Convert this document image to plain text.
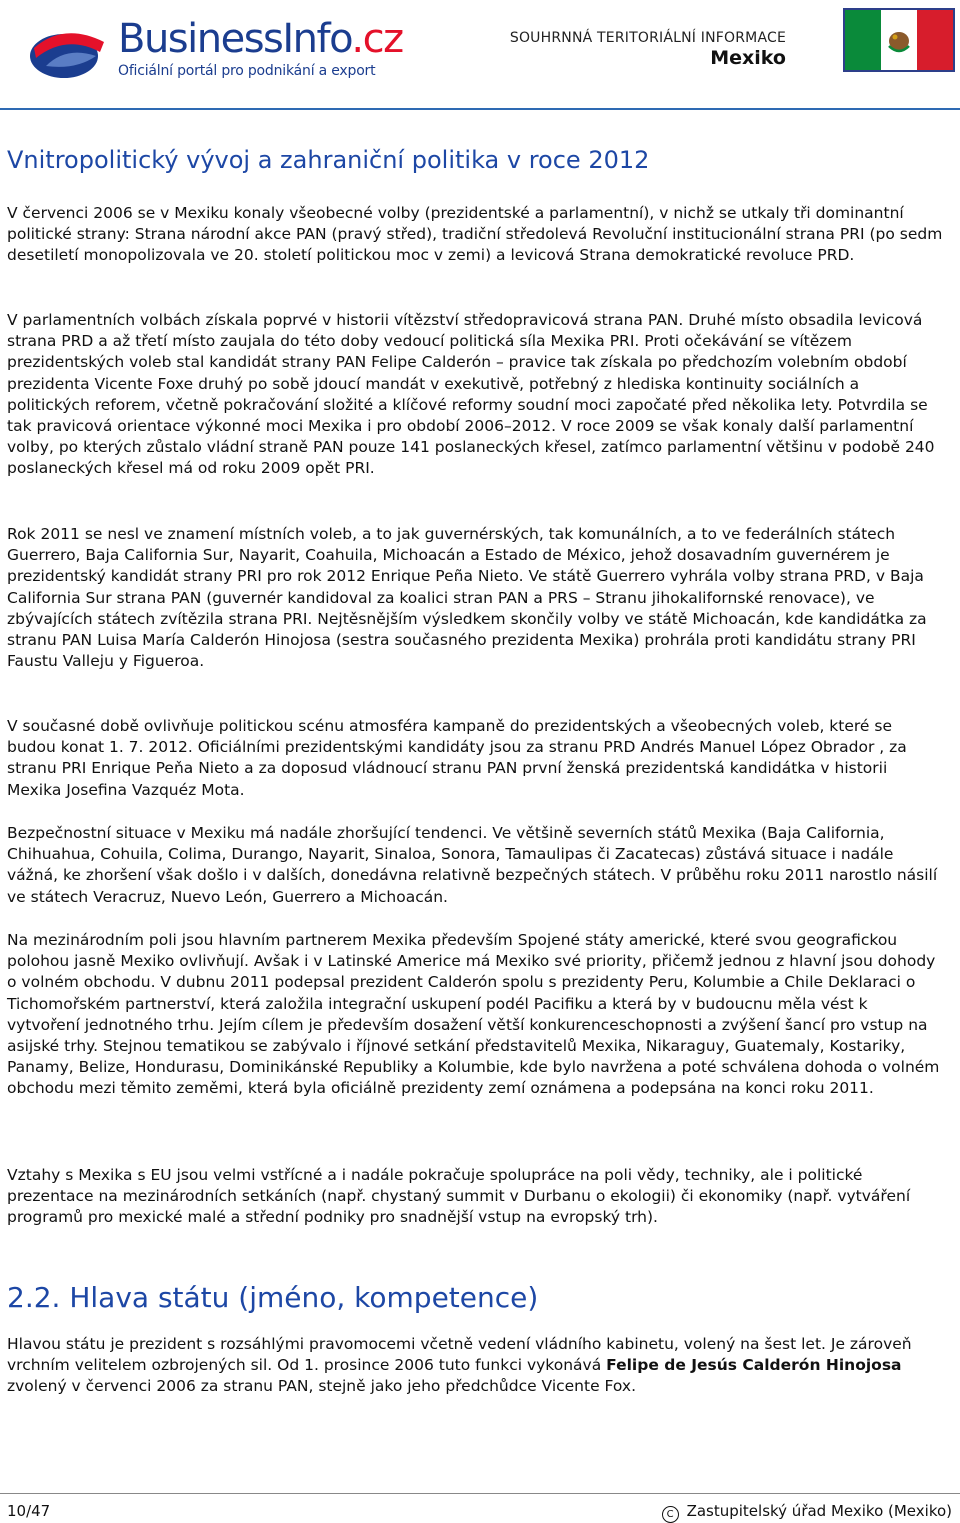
BusinessInfo.cz
Oficiální portál pro podnikání a export
SOUHRNNÁ TERITORIÁLNÍ INFORMACE
Mexiko
Vnitropolitický vývoj a zahraniční politika v roce 2012

V červenci 2006 se v Mexiku konaly všeobecné volby (prezidentské a parlamentní), v nichž se utkaly tři dominantní politické strany: Strana národní akce PAN (pravý střed), tradiční středolevá Revoluční institucionální strana PRI (po sedm desetiletí monopolizovala ve 20. století politickou moc v zemi) a levicová Strana demokratické revoluce PRD.

V parlamentních volbách získala poprvé v historii vítězství středopravicová strana PAN. Druhé místo obsadila levicová strana PRD a až třetí místo zaujala do této doby vedoucí politická síla Mexika PRI. Proti očekávání se vítězem prezidentských voleb stal kandidát strany PAN Felipe Calderón – pravice tak získala po předchozím volebním období prezidenta Vicente Foxe druhý po sobě jdoucí mandát v exekutivě, potřebný z hlediska kontinuity sociálních a politických reforem, včetně pokračování složité a klíčové reformy soudní moci započaté před několika lety. Potvrdila se tak pravicová orientace výkonné moci Mexika i pro období 2006–2012. V roce 2009 se však konaly další parlamentní volby, po kterých zůstalo vládní straně PAN pouze 141 poslaneckých křesel, zatímco parlamentní většinu v podobě 240 poslaneckých křesel má od roku 2009 opět PRI.

Rok 2011 se nesl ve znamení místních voleb, a to jak guvernérských, tak komunálních, a to ve federálních státech Guerrero, Baja California Sur, Nayarit, Coahuila, Michoacán a Estado de México, jehož dosavadním guvernérem je prezidentský kandidát strany PRI pro rok 2012 Enrique Peña Nieto. Ve státě Guerrero vyhrála volby strana PRD, v Baja California Sur strana PAN (guvernér kandidoval za koalici stran PAN a PRS – Stranu jihokalifornské renovace), ve zbývajících státech zvítězila strana PRI. Nejtěsnějším výsledkem skončily volby ve státě Michoacán, kde kandidátka za stranu PAN Luisa María Calderón Hinojosa (sestra současného prezidenta Mexika) prohrála proti kandidátu strany PRI Faustu Valleju y Figueroa.

V současné době ovlivňuje politickou scénu atmosféra kampaně do prezidentských a všeobecných voleb, které se budou konat 1. 7. 2012. Oficiálními prezidentskými kandidáty jsou za stranu PRD Andrés Manuel López Obrador , za stranu PRI Enrique Peňa Nieto a za doposud vládnoucí stranu PAN první ženská prezidentská kandidátka v historii Mexika Josefina Vazquéz Mota.

Bezpečnostní situace v Mexiku má nadále zhoršující tendenci. Ve většině severních států Mexika (Baja California, Chihuahua, Cohuila, Colima, Durango, Nayarit, Sinaloa, Sonora, Tamaulipas či Zacatecas) zůstává situace i nadále vážná, ke zhoršení však došlo i v dalších, donedávna relativně bezpečných státech. V průběhu roku 2011 narostlo násilí ve státech Veracruz, Nuevo León, Guerrero a Michoacán.

Na mezinárodním poli jsou hlavním partnerem Mexika především Spojené státy americké, které svou geografickou polohou jasně Mexiko ovlivňují. Avšak i v Latinské Americe má Mexiko své priority, přičemž jednou z hlavní jsou dohody o volném obchodu. V dubnu 2011 podepsal prezident Calderón spolu s prezidenty Peru, Kolumbie a Chile Deklaraci o Tichomořském partnerství, která založila integrační uskupení podél Pacifiku a která by v budoucnu měla vést k vytvoření jednotného trhu. Jejím cílem je především dosažení větší konkurenceschopnosti a zvýšení šancí pro vstup na asijské trhy. Stejnou tematikou se zabývalo i říjnové setkání představitelů Mexika, Nikaraguy, Guatemaly, Kostariky, Panamy, Belize, Hondurasu, Dominikánské Republiky a Kolumbie, kde bylo navržena a poté schválena dohoda o volném obchodu mezi těmito zeměmi, která byla oficiálně prezidenty zemí oznámena a podepsána na konci roku 2011.

Vztahy s Mexika s EU jsou velmi vstřícné a i nadále pokračuje spolupráce na poli vědy, techniky, ale i politické prezentace na mezinárodních setkáních (např. chystaný summit v Durbanu o ekologii) či ekonomiky (např. vytváření programů pro mexické malé a střední podniky pro snadnější vstup na evropský trh).

2.2. Hlava státu (jméno, kompetence)

Hlavou státu je prezident s rozsáhlými pravomocemi včetně vedení vládního kabinetu, volený na šest let. Je zároveň vrchním velitelem ozbrojených sil. Od 1. prosince 2006 tuto funkci vykonává Felipe de Jesús Calderón Hinojosa zvolený v červenci 2006 za stranu PAN, stejně jako jeho předchůdce Vicente Fox.

10/47	C Zastupitelský úřad Mexiko (Mexiko)
